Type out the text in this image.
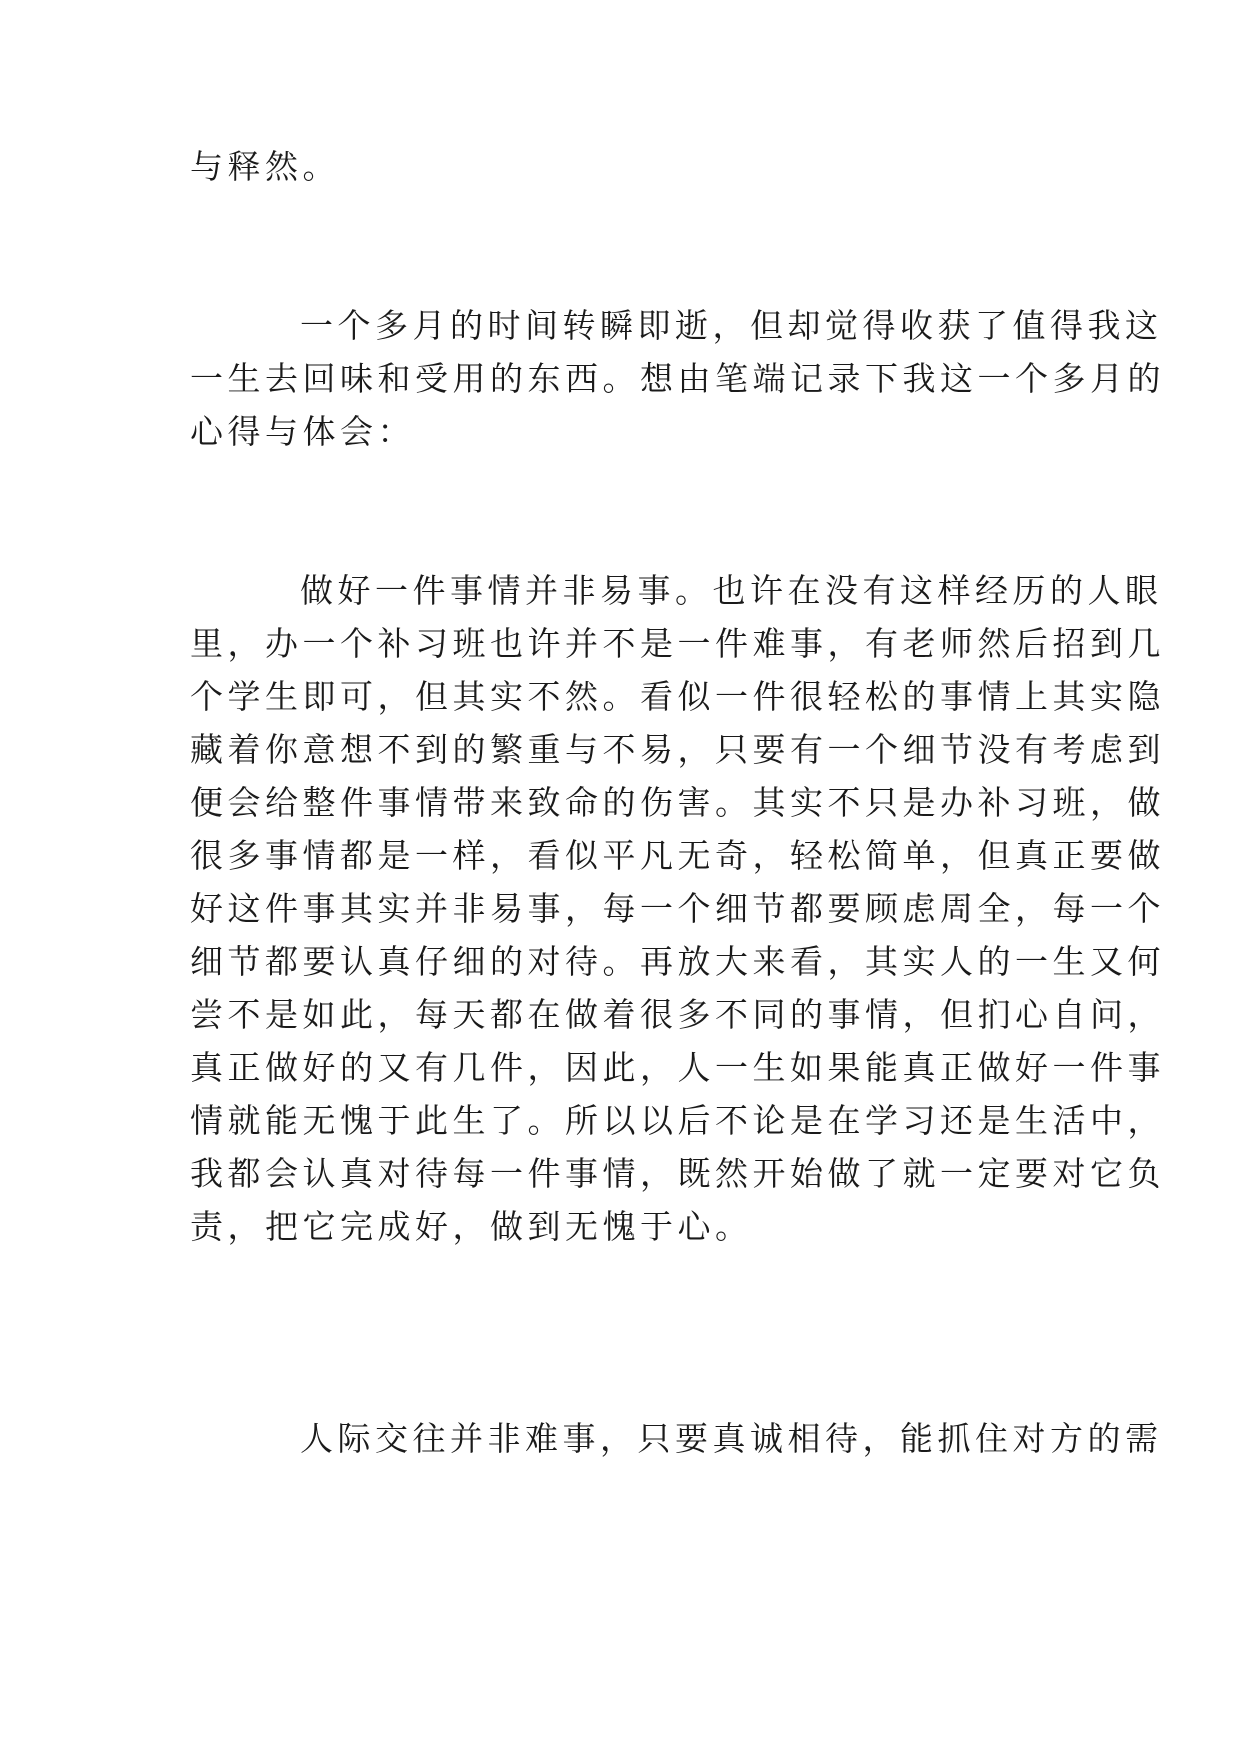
与释然。
一个多月的时间转瞬即逝，但却觉得收获了值得我这
一生去回味和受用的东西。想由笔端记录下我这一个多月的
心得与体会：
做好一件事情并非易事。也许在没有这样经历的人眼
里，办一个补习班也许并不是一件难事，有老师然后招到几
个学生即可，但其实不然。看似一件很轻松的事情上其实隐
藏着你意想不到的繁重与不易，只要有一个细节没有考虑到
便会给整件事情带来致命的伤害。其实不只是办补习班，做
很多事情都是一样，看似平凡无奇，轻松简单，但真正要做
好这件事其实并非易事，每一个细节都要顾虑周全，每一个
细节都要认真仔细的对待。再放大来看，其实人的一生又何
尝不是如此，每天都在做着很多不同的事情，但扪心自问，
真正做好的又有几件，因此，人一生如果能真正做好一件事
情就能无愧于此生了。所以以后不论是在学习还是生活中，
我都会认真对待每一件事情，既然开始做了就一定要对它负
责，把它完成好，做到无愧于心。
人际交往并非难事，只要真诚相待，能抓住对方的需
